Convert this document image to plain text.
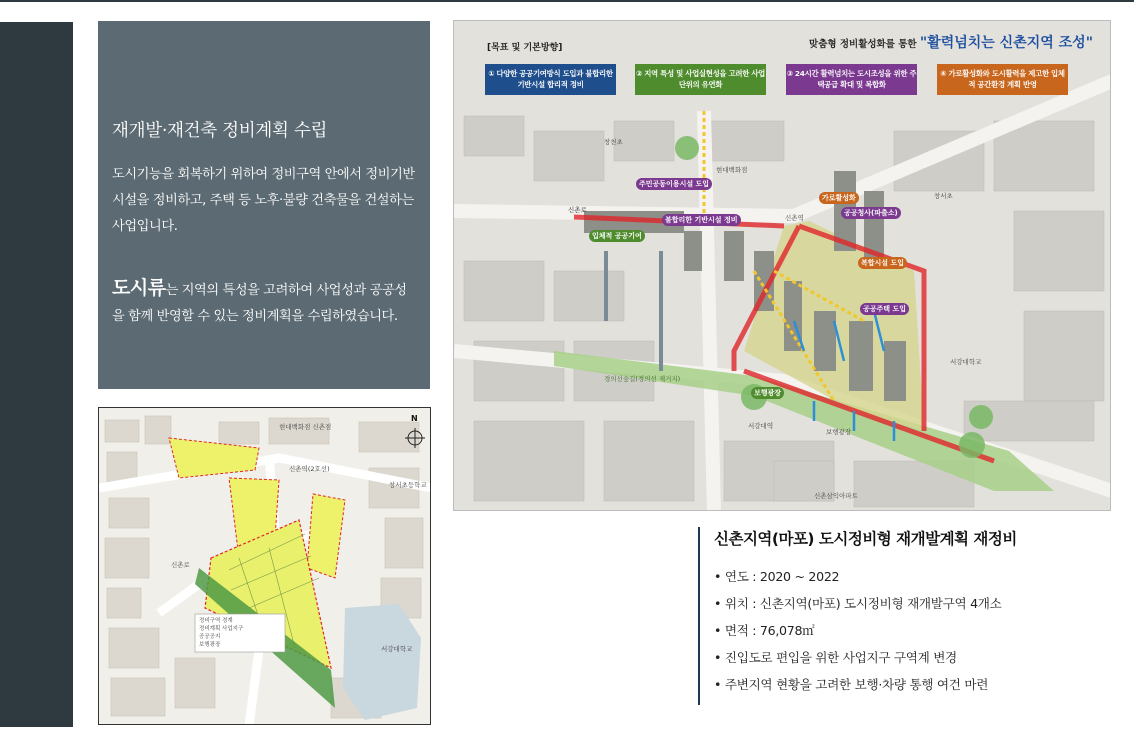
재개발·재건축 정비계획 수립

도시기능을 회복하기 위하여 정비구역 안에서 정비기반시설을 정비하고, 주택 등 노후·불량 건축물을 건설하는 사업입니다.

도시류는 지역의 특성을 고려하여 사업성과 공공성을 함께 반영할 수 있는 정비계획을 수립하였습니다.

N
신촌역(2호선)
창서초등학교
서강대학교
신촌로
현대백화점 신촌점
정비구역 경계
정비계획 사업지구
공공공지
보행광장
주민공동이용시설 도입
가로활성화
공공청사(파출소)
불합리한 기반시설 정비
입체적 공공기여
복합시설 도입
공공주택 도입
보행광장
신촌로
서강대학교
서강대역
보행광장
창천초
창서초
신촌역
현대백화점
신촌삼익아파트
경의선숲길(경의선 제거지)
[목표 및 기본방향]	맞춤형 정비활성화를 통한 "활력넘치는 신촌지역 조성"
① 다양한 공공기여방식 도입과 불합리한 기반시설 합리적 정비
② 지역 특성 및 사업실현성을 고려한 사업단위의 유연화
③ 24시간 활력넘치는 도시조성을 위한 주택공급 확대 및 복합화
④ 가로활성화와 도시활력을 제고한 입체적 공간환경 계획 반영
신촌지역(마포) 도시정비형 재개발계획 재정비
• 연도 : 2020 ~ 2022
• 위치 : 신촌지역(마포) 도시정비형 재개발구역 4개소
• 면적 : 76,078㎡
• 진입도로 편입을 위한 사업지구 구역계 변경
• 주변지역 현황을 고려한 보행·차량 통행 여건 마련
